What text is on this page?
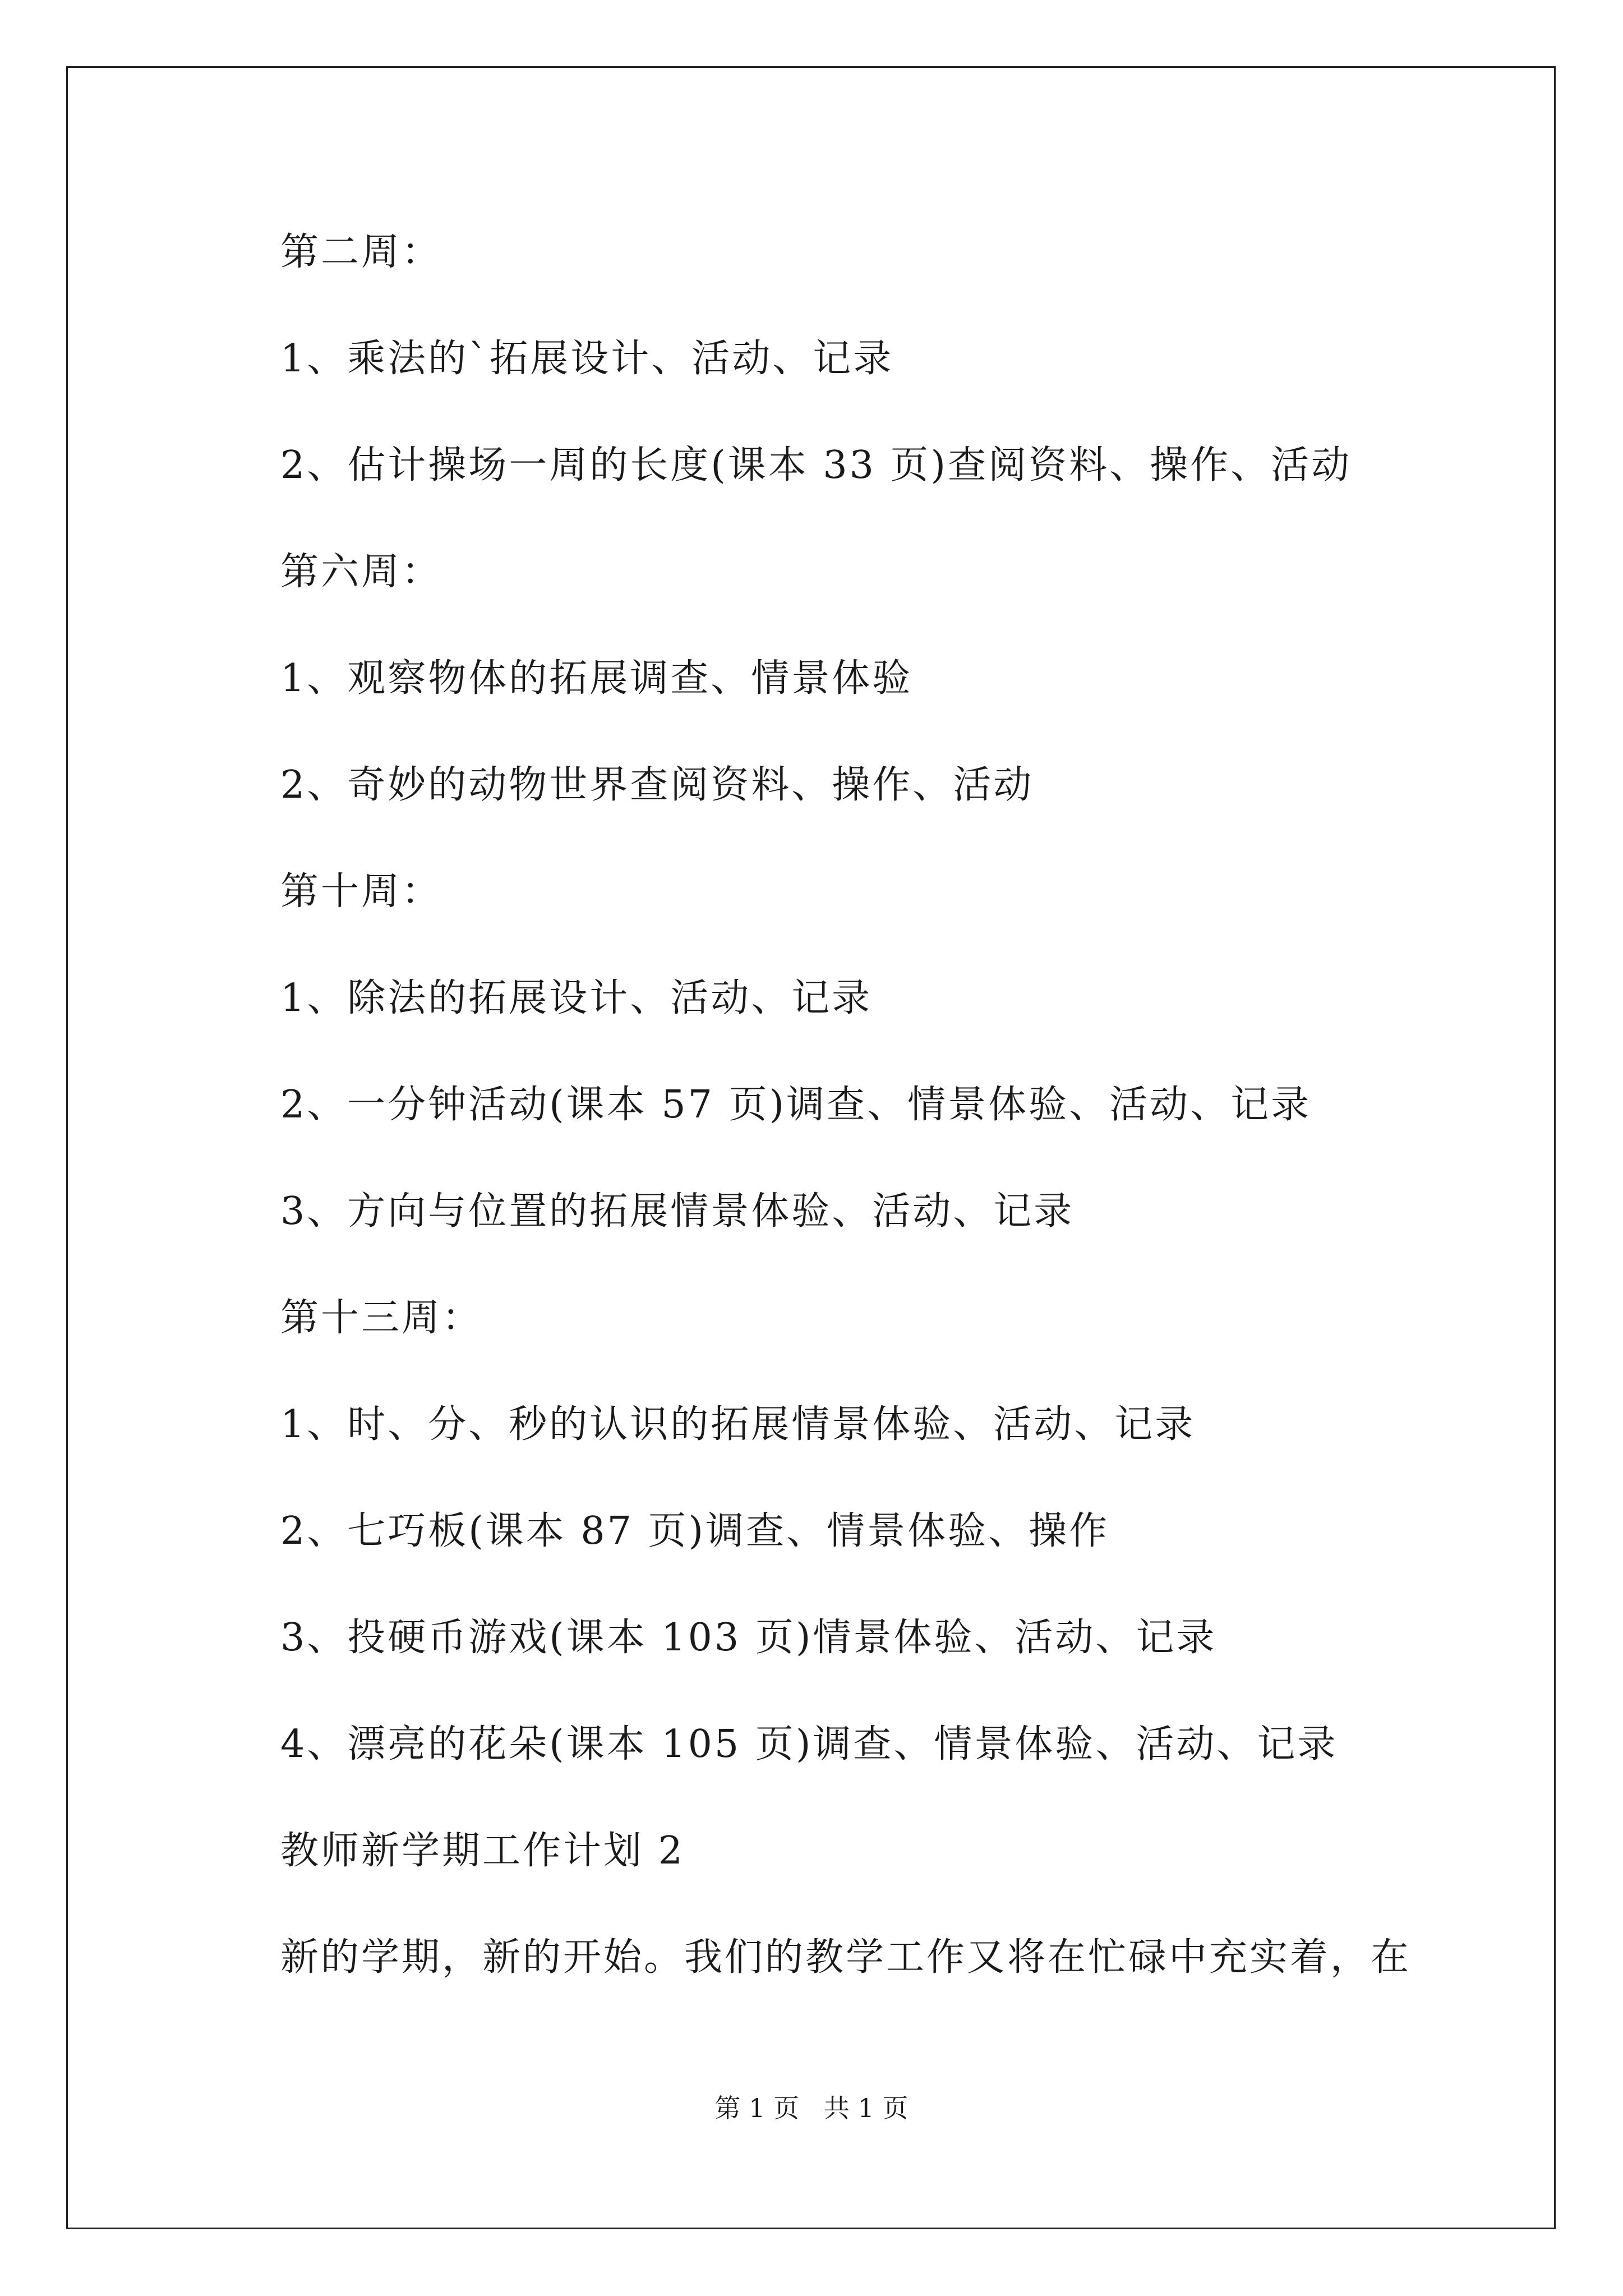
第二周：
1、乘法的`拓展设计、活动、记录
2、估计操场一周的长度(课本 33 页)查阅资料、操作、活动
第六周：
1、观察物体的拓展调查、情景体验
2、奇妙的动物世界查阅资料、操作、活动
第十周：
1、除法的拓展设计、活动、记录
2、一分钟活动(课本 57 页)调查、情景体验、活动、记录
3、方向与位置的拓展情景体验、活动、记录
第十三周：
1、时、分、秒的认识的拓展情景体验、活动、记录
2、七巧板(课本 87 页)调查、情景体验、操作
3、投硬币游戏(课本 103 页)情景体验、活动、记录
4、漂亮的花朵(课本 105 页)调查、情景体验、活动、记录
教师新学期工作计划 2
新的学期，新的开始。我们的教学工作又将在忙碌中充实着，在
第 1 页   共 1 页
